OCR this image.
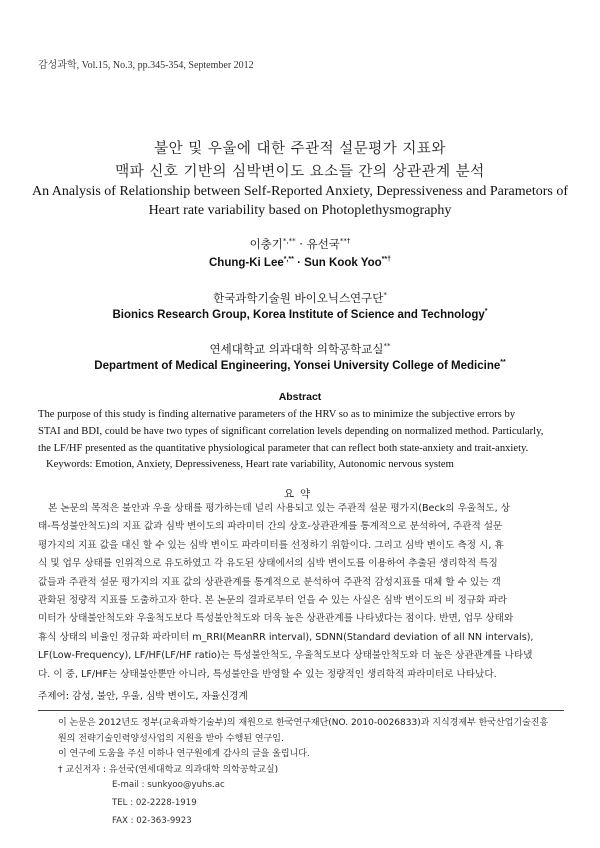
감성과학, Vol.15, No.3, pp.345-354, September 2012
불안 및 우울에 대한 주관적 설문평가 지표와
맥파 신호 기반의 심박변이도 요소들 간의 상관관계 분석
An Analysis of Relationship between Self-Reported Anxiety, Depressiveness and Parametors of
Heart rate variability based on Photoplethysmography
이충기*,** · 유선국**†
Chung-Ki Lee*,** · Sun Kook Yoo**†
한국과학기술원 바이오닉스연구단*
Bionics Research Group, Korea Institute of Science and Technology*
연세대학교 의과대학 의학공학교실**
Department of Medical Engineering, Yonsei University College of Medicine**
Abstract
The purpose of this study is finding alternative parameters of the HRV so as to minimize the subjective errors by
STAI and BDI, could be have two types of significant correlation levels depending on normalized method. Particularly,
the LF/HF presented as the quantitative physiological parameter that can reflect both state-anxiety and trait-anxiety.
Keywords: Emotion, Anxiety, Depressiveness, Heart rate variability, Autonomic nervous system
요약
본 논문의 목적은 불안과 우울 상태를 평가하는데 널리 사용되고 있는 주관적 설문 평가지(Beck의 우울척도, 상
태-특성불안척도)의 지표 값과 심박 변이도의 파라미터 간의 상호-상관관계를 통계적으로 분석하여, 주관적 설문
평가지의 지표 값을 대신 할 수 있는 심박 변이도 파라미터를 선정하기 위함이다. 그리고 심박 변이도 측정 시, 휴
식 및 업무 상태를 인위적으로 유도하였고 각 유도된 상태에서의 심박 변이도를 이용하여 추출된 생리학적 특징
값들과 주관적 설문 평가지의 지표 값의 상관관계를 통계적으로 분석하여 주관적 감성지표를 대체 할 수 있는 객
관화된 정량적 지표를 도출하고자 한다. 본 논문의 결과로부터 얻을 수 있는 사실은 심박 변이도의 비 정규화 파라
미터가 상태불안척도와 우울척도보다 특성불안척도와 더욱 높은 상관관계를 나타냈다는 점이다. 반면, 업무 상태와
휴식 상태의 비율인 정규화 파라미터 m_RRI(MeanRR interval), SDNN(Standard deviation of all NN intervals),
LF(Low-Frequency), LF/HF(LF/HF ratio)는 특성불안척도, 우울척도보다 상태불안척도와 더 높은 상관관계를 나타냈
다. 이 중, LF/HF는 상태불안뿐만 아니라, 특성불안을 반영할 수 있는 정량적인 생리학적 파라미터로 나타났다.
주제어: 감성, 불안, 우울, 심박 변이도, 자율신경계
이 논문은 2012년도 정부(교육과학기술부)의 재원으로 한국연구재단(NO. 2010-0026833)과 지식경제부 한국산업기술진흥
원의 전략기술인력양성사업의 지원을 받아 수행된 연구임.
이 연구에 도움을 주신 이하나 연구원에게 감사의 글을 올립니다.
† 교신저자 : 유선국(연세대학교 의과대학 의학공학교실)
E-mail : sunkyoo@yuhs.ac
TEL : 02-2228-1919
FAX : 02-363-9923
